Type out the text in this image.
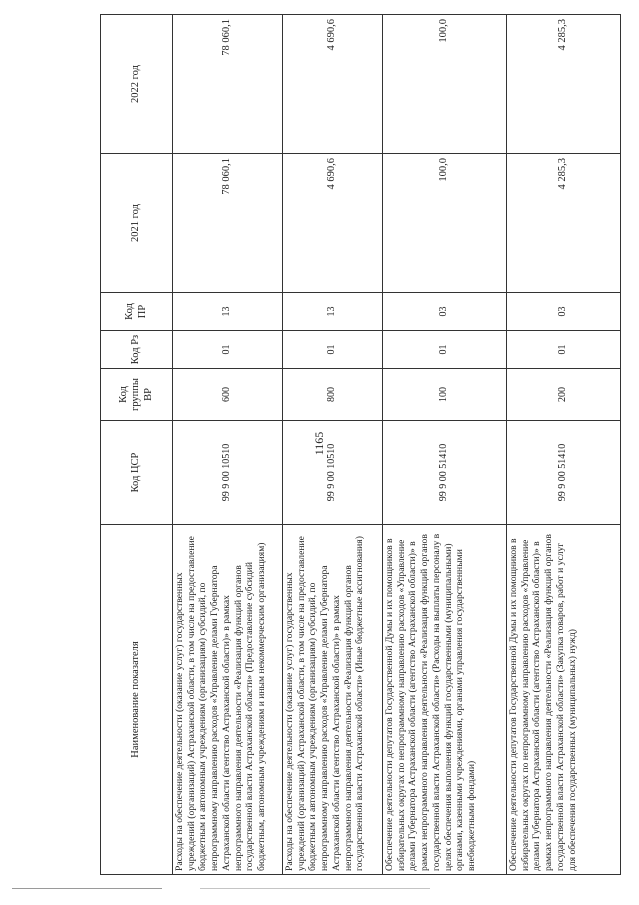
1165
Наименование показателя	Код ЦСР	Код группы ВР	Код Рз	Код ПР	2021 год	2022 год
Расходы на обеспечение деятельности (оказание услуг) государственных учреждений (организаций) Астраханской области, в том числе на предоставление бюджетным и автономным учреждениям (организациям) субсидий, по непрограммному направлению расходов «Управление делами Губернатора Астраханской области (агентство Астраханской области)» в рамках непрограммного направления деятельности «Реализация функций органов государственной власти Астраханской области» (Предоставление субсидий бюджетным, автономным учреждениям и иным некоммерческим организациям)	99 9 00 10510	600	01	13	78 060,1	78 060,1
Расходы на обеспечение деятельности (оказание услуг) государственных учреждений (организаций) Астраханской области, в том числе на предоставление бюджетным и автономным учреждениям (организациям) субсидий, по непрограммному направлению расходов «Управление делами Губернатора Астраханской области (агентство Астраханской области)» в рамках непрограммного направления деятельности «Реализация функций органов государственной власти Астраханской области» (Иные бюджетные ассигнования)	99 9 00 10510	800	01	13	4 690,6	4 690,6
Обеспечение деятельности депутатов Государственной Думы и их помощников в избирательных округах по непрограммному направлению расходов «Управление делами Губернатора Астраханской области (агентство Астраханской области)» в рамках непрограммного направления деятельности «Реализация функций органов государственной власти Астраханской области» (Расходы на выплаты персоналу в целях обеспечения выполнения функций государственными (муниципальными) органами, казенными учреждениями, органами управления государственными внебюджетными фондами)	99 9 00 51410	100	01	03	100,0	100,0
Обеспечение деятельности депутатов Государственной Думы и их помощников в избирательных округах по непрограммному направлению расходов «Управление делами Губернатора Астраханской области (агентство Астраханской области)» в рамках непрограммного направления деятельности «Реализация функций органов государственной власти Астраханской области» (Закупка товаров, работ и услуг для обеспечения государственных (муниципальных) нужд)	99 9 00 51410	200	01	03	4 285,3	4 285,3
